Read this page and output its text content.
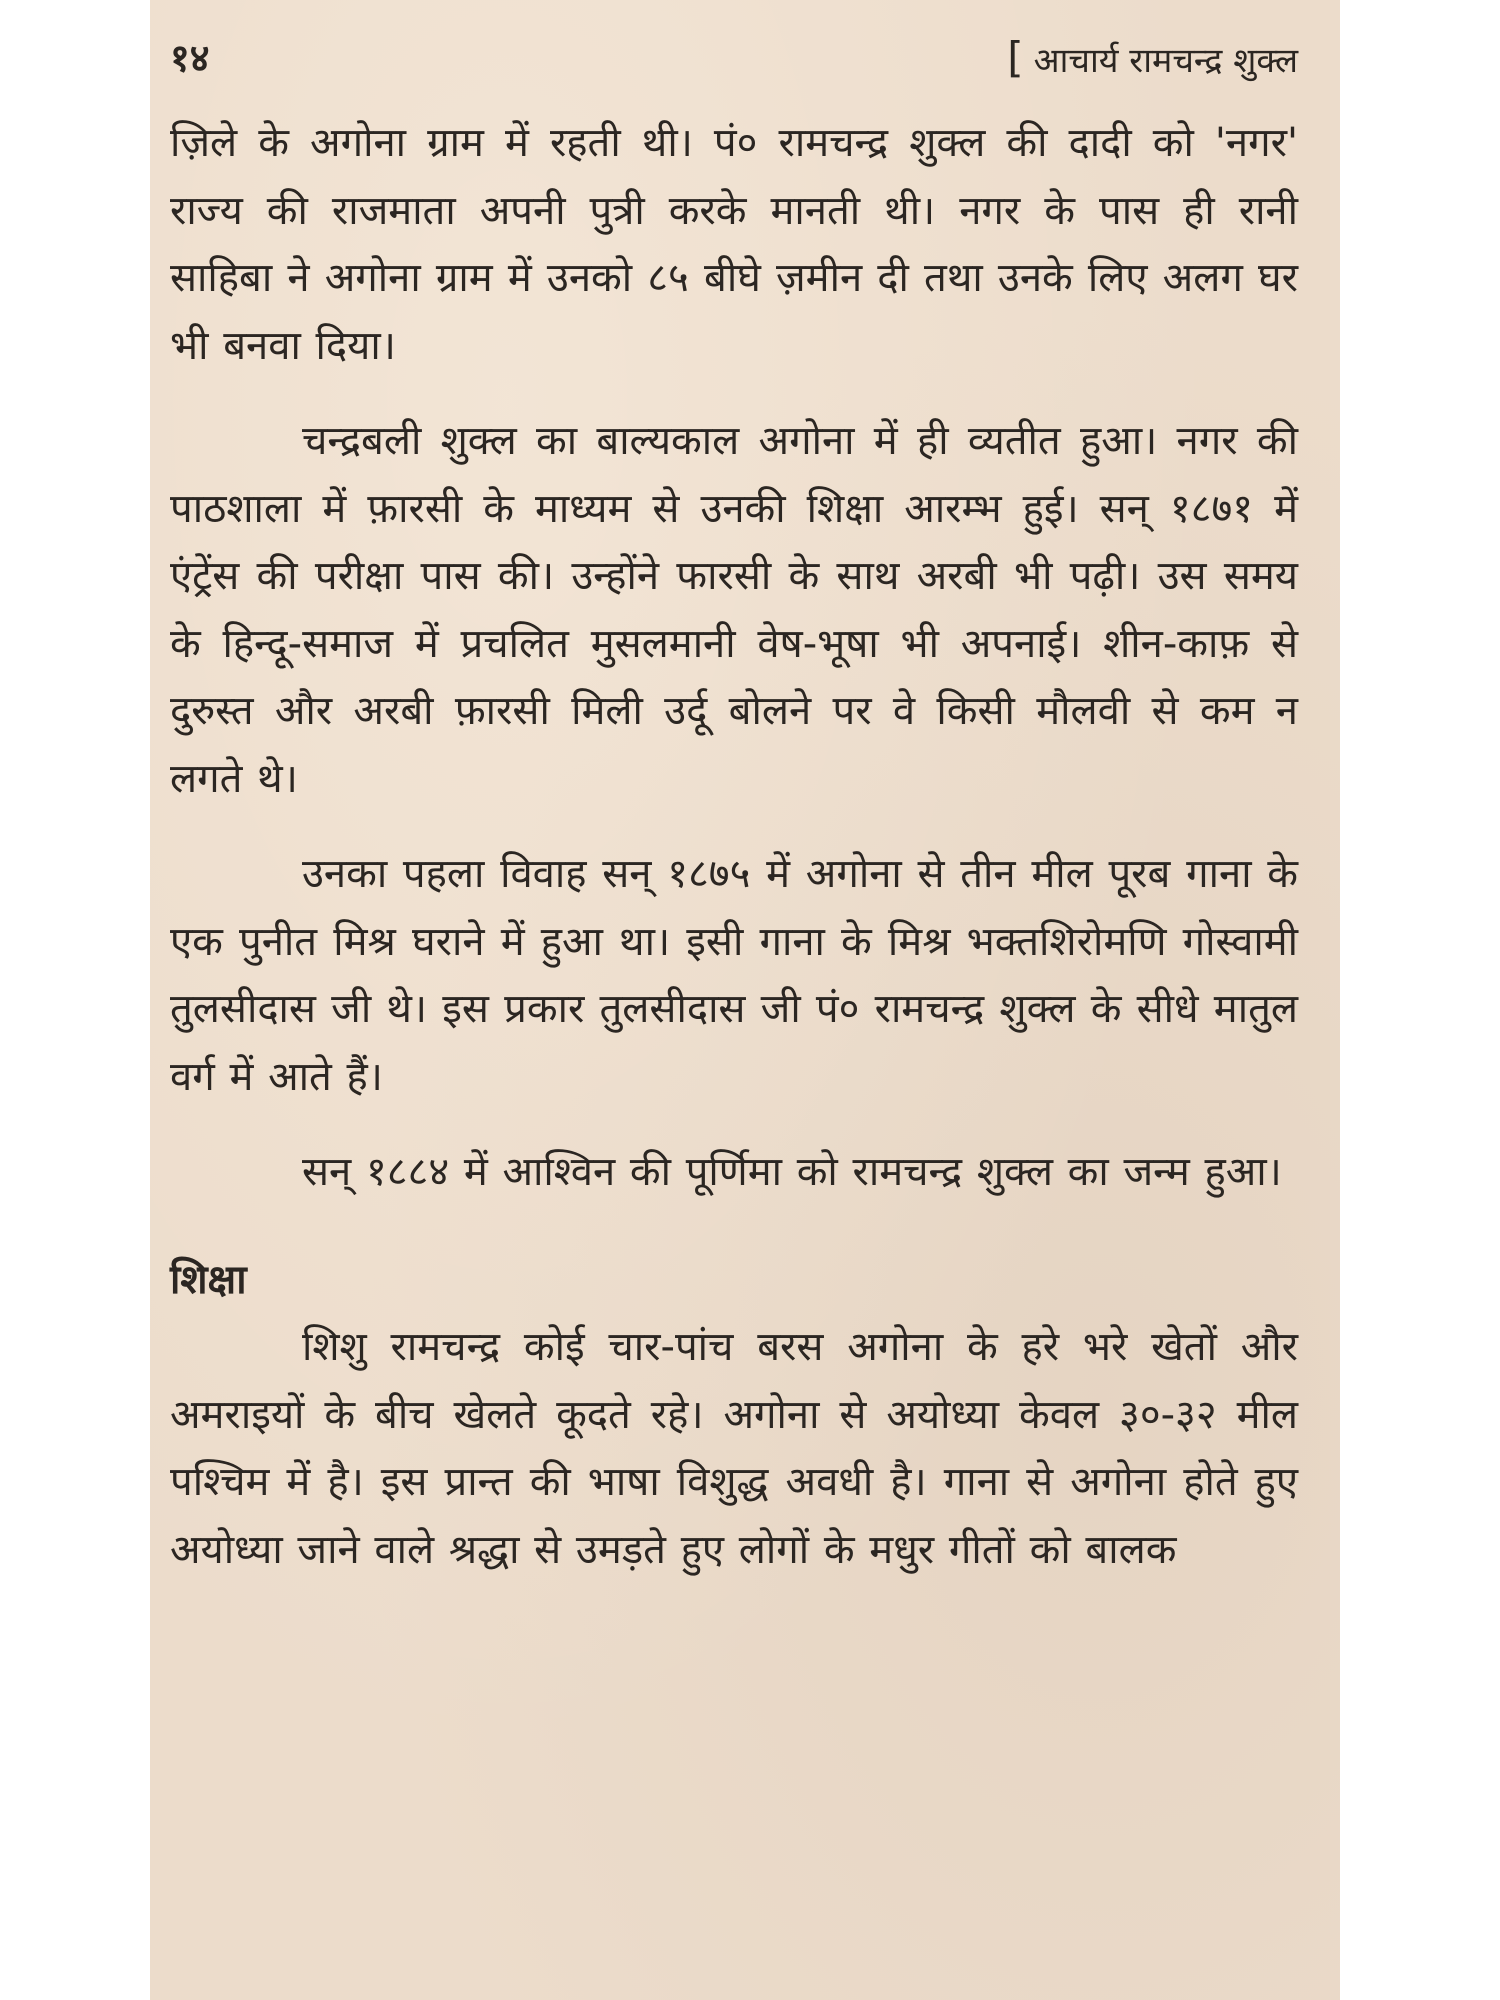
१४	[ आचार्य रामचन्द्र शुक्ल

ज़िले के अगोना ग्राम में रहती थी। पं० रामचन्द्र शुक्ल की दादी को 'नगर' राज्य की राजमाता अपनी पुत्री करके मानती थी। नगर के पास ही रानी साहिबा ने अगोना ग्राम में उनको ८५ बीघे ज़मीन दी तथा उनके लिए अलग घर भी बनवा दिया।

चन्द्रबली शुक्ल का बाल्यकाल अगोना में ही व्यतीत हुआ। नगर की पाठशाला में फ़ारसी के माध्यम से उनकी शिक्षा आरम्भ हुई। सन् १८७१ में एंट्रेंस की परीक्षा पास की। उन्होंने फारसी के साथ अरबी भी पढ़ी। उस समय के हिन्दू-समाज में प्रचलित मुसलमानी वेष-भूषा भी अपनाई। शीन-काफ़ से दुरुस्त और अरबी फ़ारसी मिली उर्दू बोलने पर वे किसी मौलवी से कम न लगते थे।

उनका पहला विवाह सन् १८७५ में अगोना से तीन मील पूरब गाना के एक पुनीत मिश्र घराने में हुआ था। इसी गाना के मिश्र भक्तशिरोमणि गोस्वामी तुलसीदास जी थे। इस प्रकार तुलसीदास जी पं० रामचन्द्र शुक्ल के सीधे मातुल वर्ग में आते हैं।

सन् १८८४ में आश्विन की पूर्णिमा को रामचन्द्र शुक्ल का जन्म हुआ।

शिक्षा

शिशु रामचन्द्र कोई चार-पांच बरस अगोना के हरे भरे खेतों और अमराइयों के बीच खेलते कूदते रहे। अगोना से अयोध्या केवल ३०-३२ मील पश्चिम में है। इस प्रान्त की भाषा विशुद्ध अवधी है। गाना से अगोना होते हुए अयोध्या जाने वाले श्रद्धा से उमड़ते हुए लोगों के मधुर गीतों को बालक
